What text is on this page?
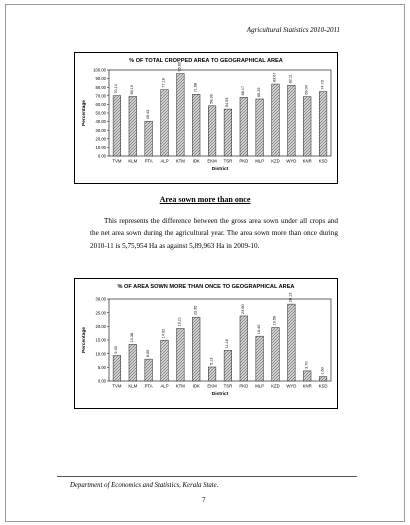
Agricultural Statistics 2010-2011
% OF TOTAL CROPPED AREA TO GEOGRAPHICAL AREA
0.00
10.00
20.00
30.00
40.00
50.00
60.00
70.00
80.00
90.00
100.00
Percentage
70.14
TVM
69.19
KLM
40.43
PTA
77.18
ALP
95.89
KTM
71.68
IDK
58.39
EKM
54.53
TSR
68.17
PKD
66.29
MLP
83.67
KZD
82.11
WYD
69.04
KNR
74.79
KSD
District
Area sown more than once
This represents the difference between the gross area sown under all crops and the net area sown during the agricultural year. The area sown more than once during 2010-11 is 5,75,954 Ha as against 5,89,963 Ha in 2009-10.
% OF AREA SOWN MORE THAN ONCE TO GEOGRAPHICAL AREA
0.00
5.00
10.00
15.00
20.00
25.00
30.00
Percentage	9.30
TVM
13.38
KLM
8.00
PTA
14.92
ALP
19.21
KTM
23.35
IDK
5.13
EKM
11.18
TSR
23.80
PKD
16.40
MLP
19.56
KZD
28.13
WYD
3.70
KNR
1.60
KSD
District
Department of Economics and Statistics, Kerala State.
7
